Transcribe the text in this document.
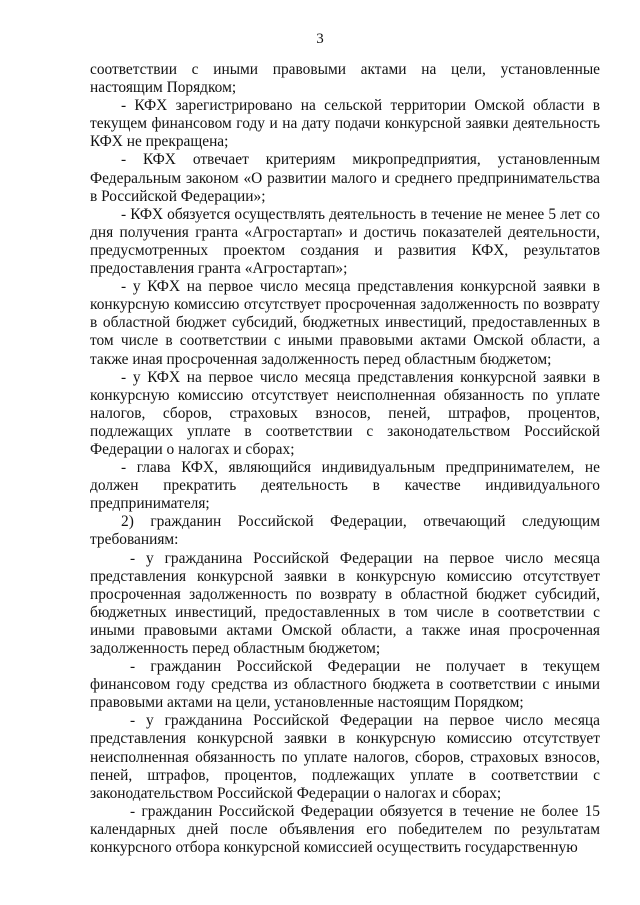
3

соответствии с иными правовыми актами на цели, установленные настоящим Порядком;

- КФХ зарегистрировано на сельской территории Омской области в текущем финансовом году и на дату подачи конкурсной заявки деятельность КФХ не прекращена;

- КФХ отвечает критериям микропредприятия, установленным Федеральным законом «О развитии малого и среднего предпринимательства в Российской Федерации»;

- КФХ обязуется осуществлять деятельность в течение не менее 5 лет со дня получения гранта «Агростартап» и достичь показателей деятельности, предусмотренных проектом создания и развития КФХ, результатов предоставления гранта «Агростартап»;

- у КФХ на первое число месяца представления конкурсной заявки в конкурсную комиссию отсутствует просроченная задолженность по возврату в областной бюджет субсидий, бюджетных инвестиций, предоставленных в том числе в соответствии с иными правовыми актами Омской области, а также иная просроченная задолженность перед областным бюджетом;

- у КФХ на первое число месяца представления конкурсной заявки в конкурсную комиссию отсутствует неисполненная обязанность по уплате налогов, сборов, страховых взносов, пеней, штрафов, процентов, подлежащих уплате в соответствии с законодательством Российской Федерации о налогах и сборах;

- глава КФХ, являющийся индивидуальным предпринимателем, не должен прекратить деятельность в качестве индивидуального предпринимателя;

2) гражданин Российской Федерации, отвечающий следующим требованиям:

- у гражданина Российской Федерации на первое число месяца представления конкурсной заявки в конкурсную комиссию отсутствует просроченная задолженность по возврату в областной бюджет субсидий, бюджетных инвестиций, предоставленных в том числе в соответствии с иными правовыми актами Омской области, а также иная просроченная задолженность перед областным бюджетом;

- гражданин Российской Федерации не получает в текущем финансовом году средства из областного бюджета в соответствии с иными правовыми актами на цели, установленные настоящим Порядком;

- у гражданина Российской Федерации на первое число месяца представления конкурсной заявки в конкурсную комиссию отсутствует неисполненная обязанность по уплате налогов, сборов, страховых взносов, пеней, штрафов, процентов, подлежащих уплате в соответствии с законодательством Российской Федерации о налогах и сборах;

- гражданин Российской Федерации обязуется в течение не более 15 календарных дней после объявления его победителем по результатам конкурсного отбора конкурсной комиссией осуществить государственную
